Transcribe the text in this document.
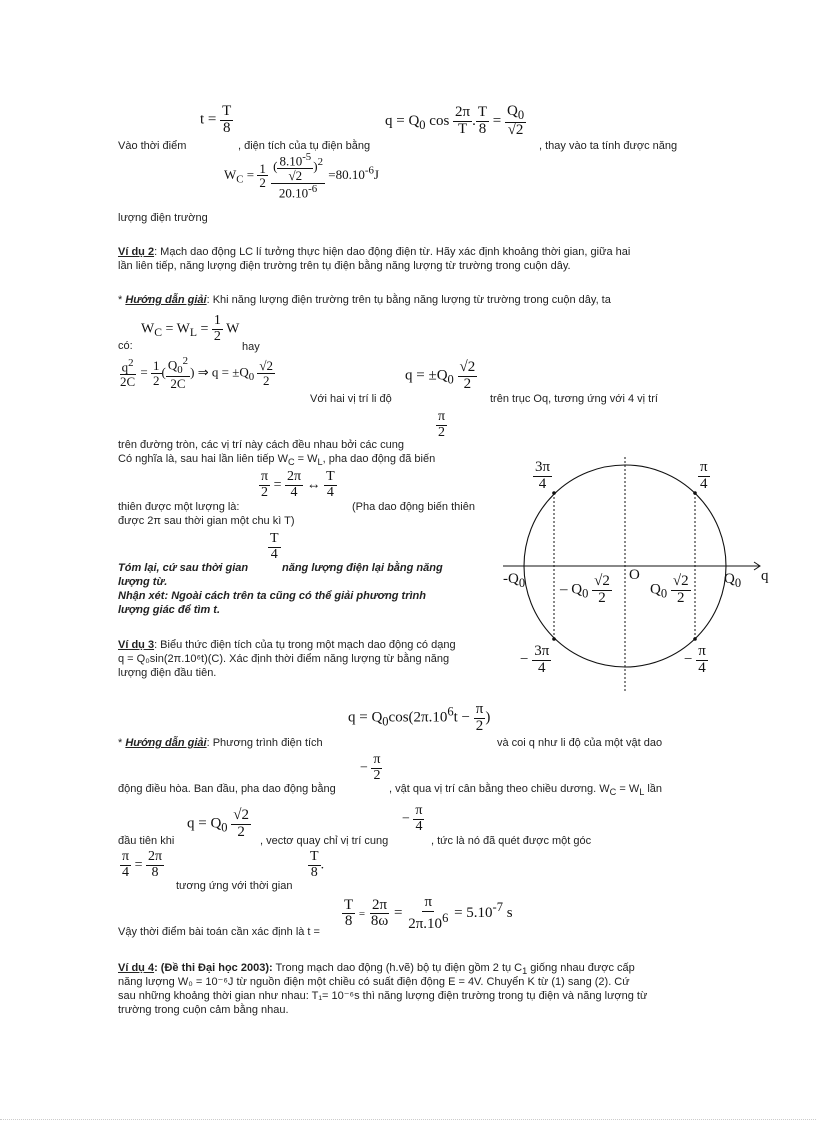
$t = \frac{T}{8}$
Vào thời điểm	, điện tích của tụ điện bằng
$q = Q_0$ $\cos \frac{2\pi}{T}$ . $\frac{T}{8} = \frac{Q_0}{√2}$
, thay vào ta tính được năng
$W_C = \frac{1}{2}$
$\frac{( \frac{8.10^{-5}}{√2} )^2}{20.10^{-6}} =80.10^{-6}J$
lượng điện trường
Ví dụ 2: Mạch dao động LC lí tưởng thực hiện dao động điện từ. Hãy xác định khoảng thời gian, giữa hai
lần liên tiếp, năng lượng điện trường trên tụ điện bằng năng lượng từ trường trong cuộn dây.
* Hướng dẫn giải: Khi năng lượng điện trường trên tụ bằng năng lượng từ trường trong cuộn dây, ta
$W_C = W_L = \frac{1}{2}$ W
có:	hay
$\frac{q^2}{2C} = \frac{1}{2}$ ( $\frac{Q_0^2}{2C}$ ) ⇒ $q = \pm Q_0 \frac{√2}{2}$
Với hai vị trí li độ
$q = \pm Q_0 \frac{√2}{2}$
trên trục Oq, tương ứng với 4 vị trí
$\frac{\pi}{2}$
trên đường tròn, các vị trí này cách đều nhau bởi các cung
Có nghĩa là, sau hai lần liên tiếp $W_C = W_L$, pha dao động đã biến
$\frac{\pi}{2} = \frac{2\pi}{4}$ ↔ $\frac{T}{4}$
thiên được một lượng là:	(Pha dao động biến thiên
được 2π sau thời gian một chu kì T)
$\frac{T}{4}$
Tóm lại, cứ sau thời gian	năng lượng điện lại bằng năng
lượng từ.
Nhận xét: Ngoài cách trên ta cũng có thể giải phương trình
lượng giác để tìm t.
Ví dụ 3: Biểu thức điện tích của tụ trong một mạch dao động có dạng
q = Q₀sin(2π.10⁶t)(C). Xác định thời điểm năng lượng từ bằng năng
lượng điện đầu tiên.
$\frac{3\pi}{4}$	$\frac{\pi}{4}$
$-Q_0$	O	$Q_0$ q
– $Q_0 \frac{√2}{2}$	$Q_0 \frac{√2}{2}$
− $\frac{3\pi}{4}$	− $\frac{\pi}{4}$
$q = Q_0\cos(2\pi.10^6t - \frac{\pi}{2}$ )
* Hướng dẫn giải: Phương trình điện tích	và coi q như li độ của một vật dao
− $\frac{\pi}{2}$
động điều hòa. Ban đầu, pha dao động bằng	, vật qua vị trí cân bằng theo chiều dương. $W_C = W_L$ lần
$q = Q_0 \frac{√2}{2}$
đầu tiên khi	, vectơ quay chỉ vị trí cung
− $\frac{\pi}{4}$
, tức là nó đã quét được một góc
$\frac{\pi}{4} = \frac{2\pi}{8}$
tương ứng với thời gian
$\frac{T}{8}$ .
$\frac{T}{8} = \frac{2\pi}{8\omega} = \frac{\pi}{2\pi.10^6} = 5.10^{-7}$ s
Vậy thời điểm bài toán cần xác định là t =
Ví dụ 4: (Đề thi Đại học 2003): Trong mạch dao động (h.vẽ) bộ tụ điện gồm 2 tụ $C_1$ giống nhau được cấp
năng lượng W₀ = 10⁻⁶J từ nguồn điện một chiều có suất điện động E = 4V. Chuyển K từ (1) sang (2). Cứ
sau những khoảng thời gian như nhau: T₁= 10⁻⁶s thì năng lượng điện trường trong tụ điện và năng lượng từ
trường trong cuộn cảm bằng nhau.
